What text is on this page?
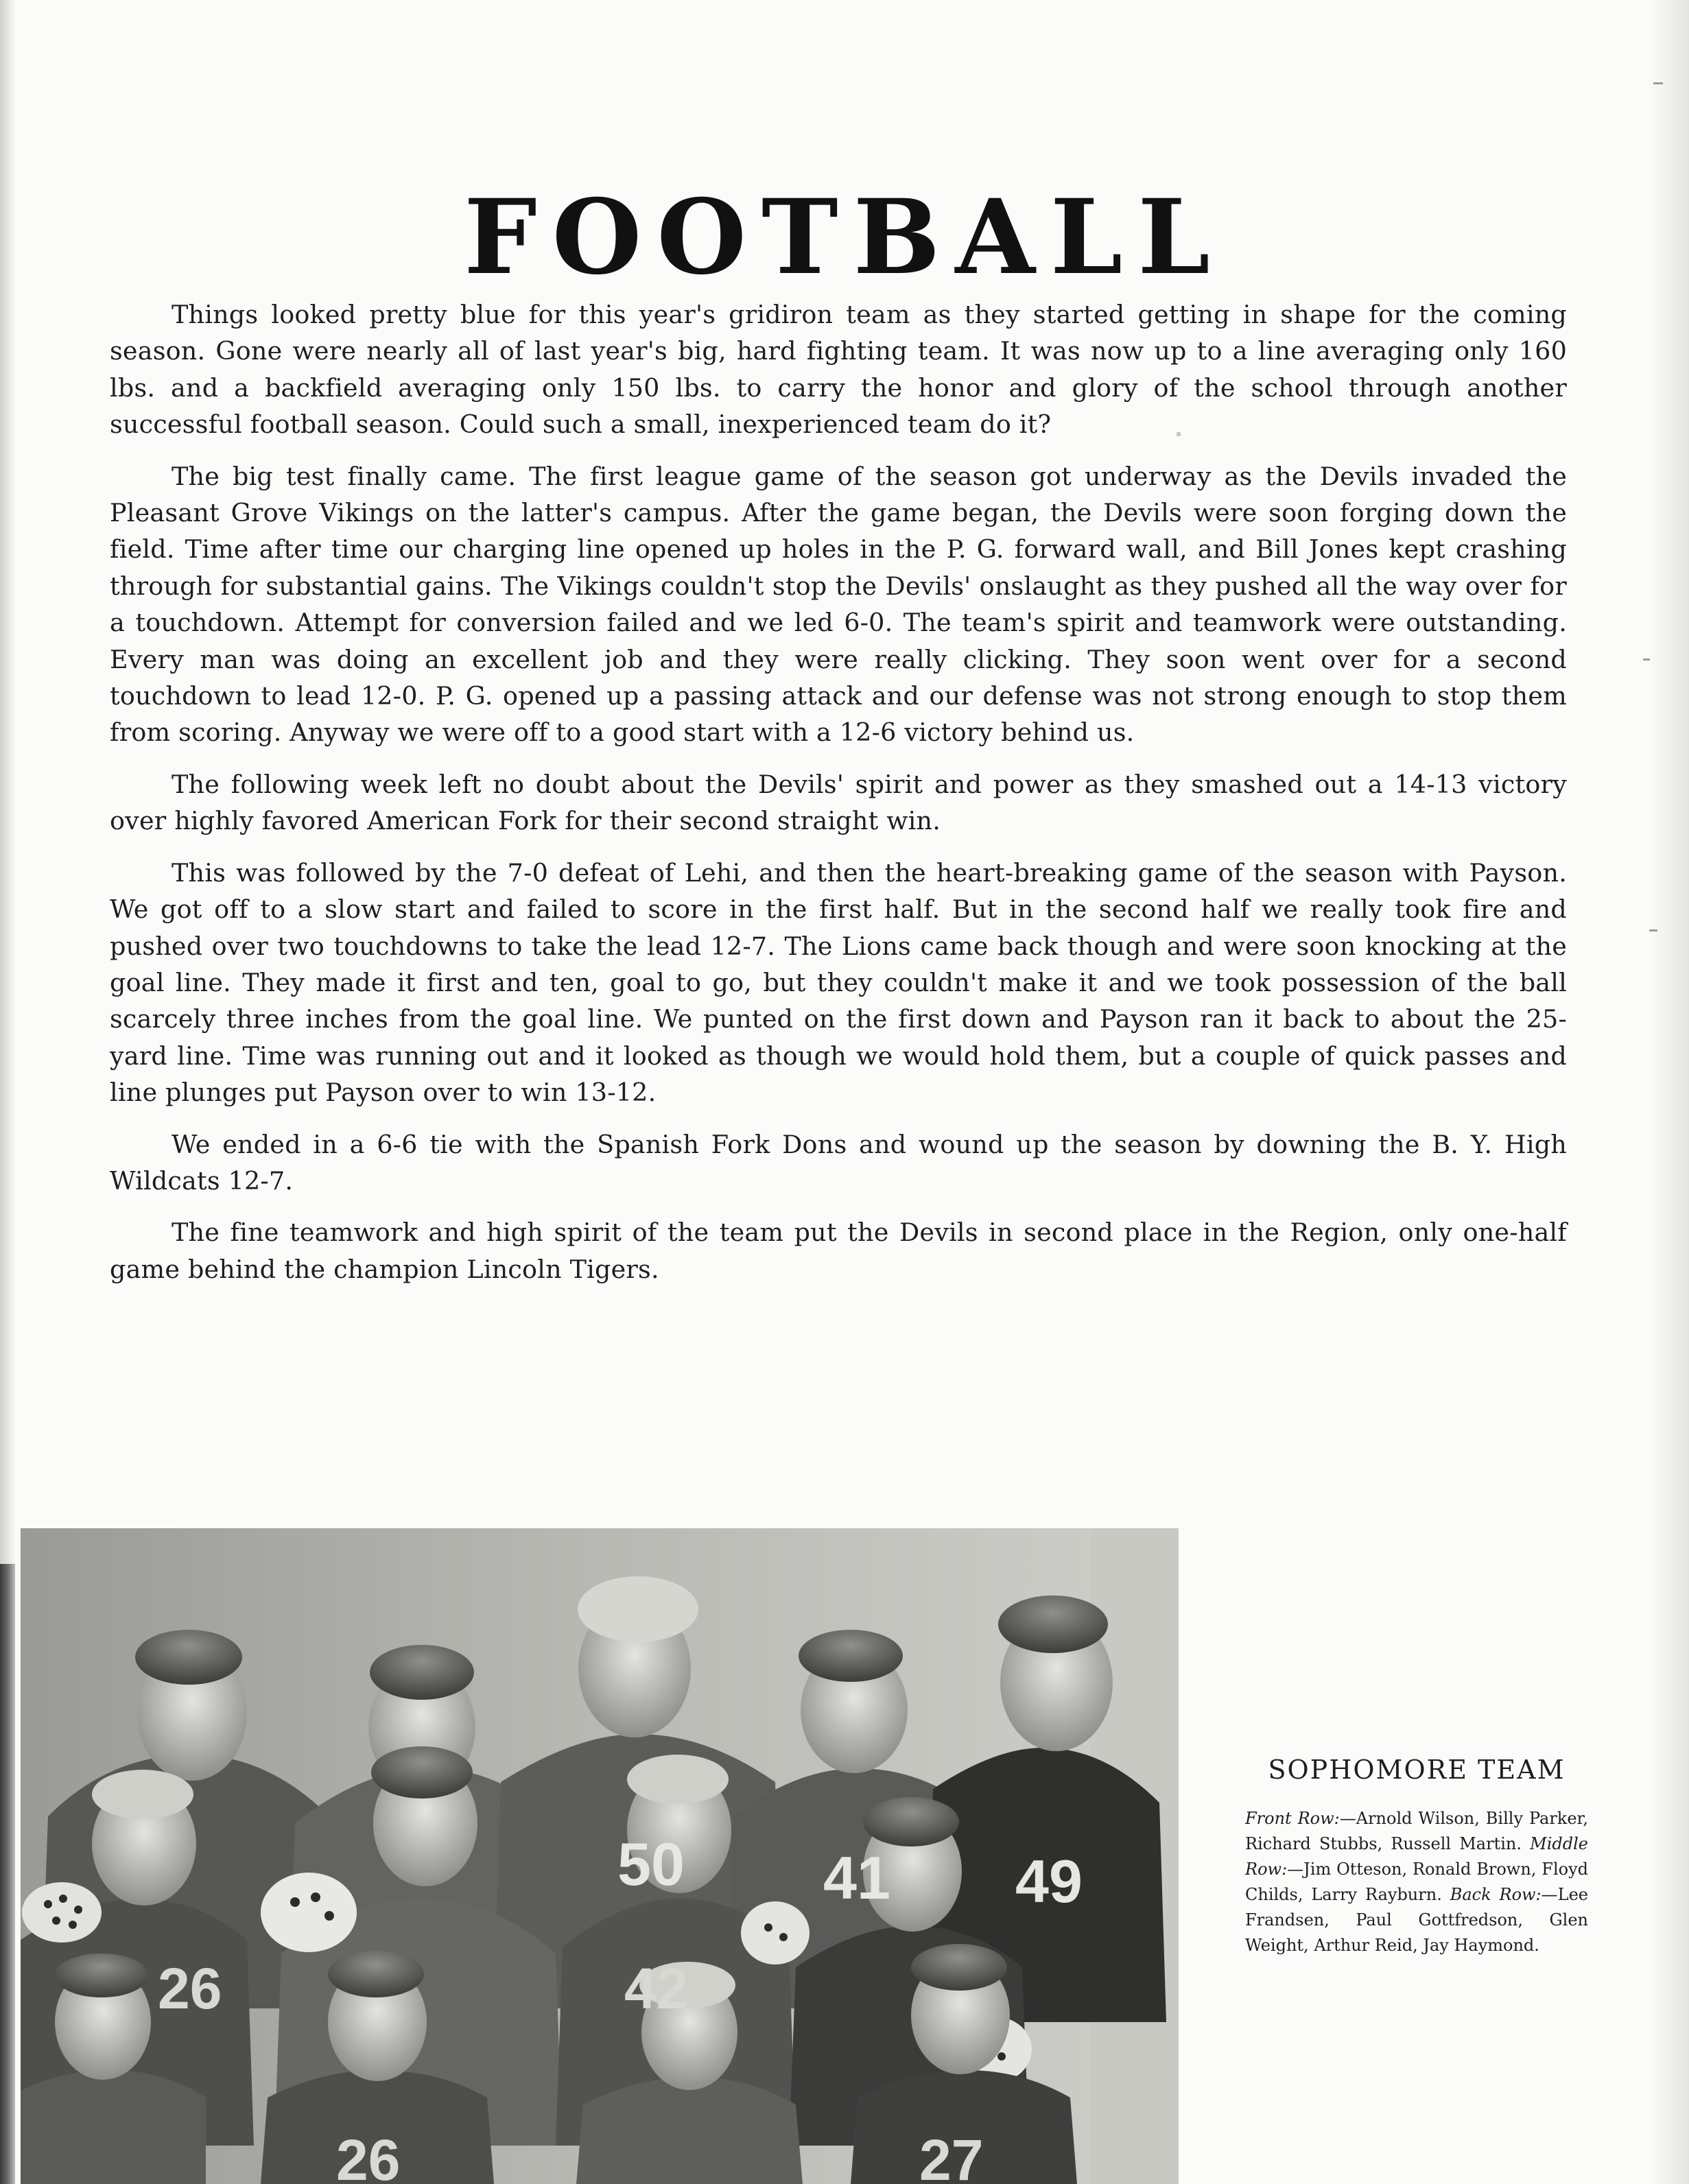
FOOTBALL

Things looked pretty blue for this year's gridiron team as they started getting in shape for the coming season. Gone were nearly all of last year's big, hard fighting team. It was now up to a line averaging only 160 lbs. and a backfield averaging only 150 lbs. to carry the honor and glory of the school through another successful football season. Could such a small, inexperienced team do it?

The big test finally came. The first league game of the season got underway as the Devils invaded the Pleasant Grove Vikings on the latter's campus. After the game began, the Devils were soon forging down the field. Time after time our charging line opened up holes in the P. G. forward wall, and Bill Jones kept crashing through for substantial gains. The Vikings couldn't stop the Devils' onslaught as they pushed all the way over for a touchdown. Attempt for conversion failed and we led 6-0. The team's spirit and teamwork were outstanding. Every man was doing an excellent job and they were really clicking. They soon went over for a second touchdown to lead 12-0. P. G. opened up a passing attack and our defense was not strong enough to stop them from scoring. Anyway we were off to a good start with a 12-6 victory behind us.

The following week left no doubt about the Devils' spirit and power as they smashed out a 14-13 victory over highly favored American Fork for their second straight win.

This was followed by the 7-0 defeat of Lehi, and then the heart-breaking game of the season with Payson. We got off to a slow start and failed to score in the first half. But in the second half we really took fire and pushed over two touchdowns to take the lead 12-7. The Lions came back though and were soon knocking at the goal line. They made it first and ten, goal to go, but they couldn't make it and we took possession of the ball scarcely three inches from the goal line. We punted on the first down and Payson ran it back to about the 25-yard line. Time was running out and it looked as though we would hold them, but a couple of quick passes and line plunges put Payson over to win 13-12.

We ended in a 6-6 tie with the Spanish Fork Dons and wound up the season by downing the B. Y. High Wildcats 12-7.

The fine teamwork and high spirit of the team put the Devils in second place in the Region, only one-half game behind the champion Lincoln Tigers.

50 41 49
26	42
26	27
SOPHOMORE TEAM

Front Row:—Arnold Wilson, Billy Parker, Richard Stubbs, Russell Martin. Middle Row:—Jim Otteson, Ronald Brown, Floyd Childs, Larry Rayburn. Back Row:—Lee Frandsen, Paul Gottfredson, Glen Weight, Arthur Reid, Jay Haymond.
